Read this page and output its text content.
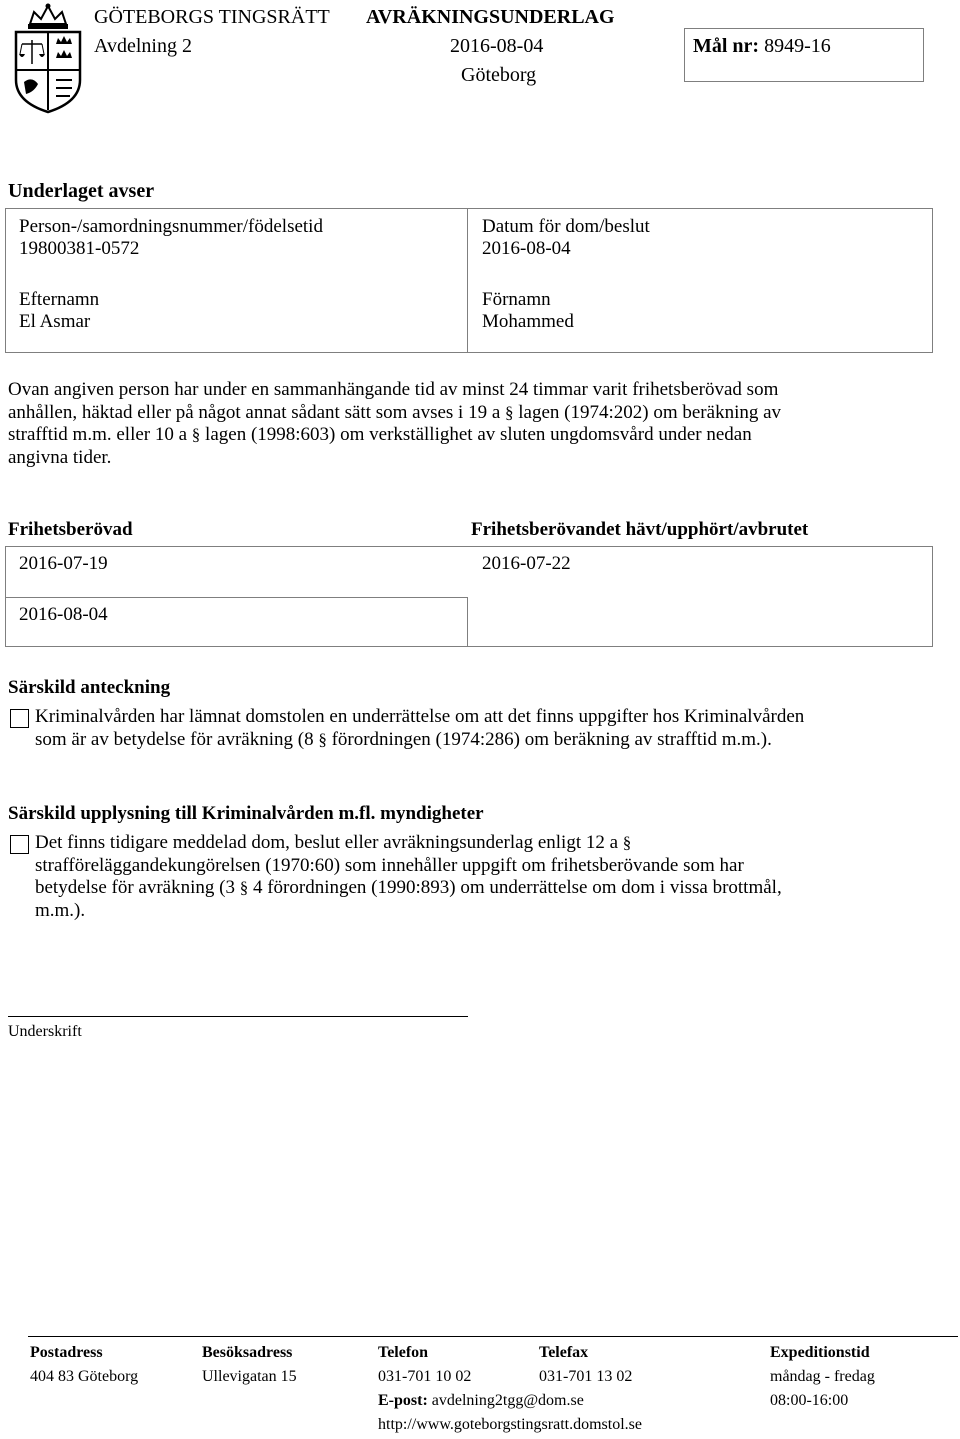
GÖTEBORGS TINGSRÄTT AVRÄKNINGSUNDERLAG
Avdelning 2	2016-08-04
Göteborg
Mål nr: 8949-16
Underlaget avser
Person-/samordningsnummer/födelsetid
19800381-0572
Datum för dom/beslut
2016-08-04
Efternamn
El Asmar
Förnamn
Mohammed
Ovan angiven person har under en sammanhängande tid av minst 24 timmar varit frihetsberövad som
anhållen, häktad eller på något annat sådant sätt som avses i 19 a § lagen (1974:202) om beräkning av
strafftid m.m. eller 10 a § lagen (1998:603) om verkställighet av sluten ungdomsvård under nedan
angivna tider.
Frihetsberövad	Frihetsberövandet hävt/upphört/avbrutet
2016-07-19	2016-07-22
2016-08-04
Särskild anteckning
Kriminalvården har lämnat domstolen en underrättelse om att det finns uppgifter hos Kriminalvården
som är av betydelse för avräkning (8 § förordningen (1974:286) om beräkning av strafftid m.m.).
Särskild upplysning till Kriminalvården m.fl. myndigheter
Det finns tidigare meddelad dom, beslut eller avräkningsunderlag enligt 12 a §
strafföreläggandekungörelsen (1970:60) som innehåller uppgift om frihetsberövande som har
betydelse för avräkning (3 § 4 förordningen (1990:893) om underrättelse om dom i vissa brottmål,
m.m.).
Underskrift
Postadress
404 83 Göteborg
Besöksadress
Ullevigatan 15
Telefon
031-701 10 02
E-post: avdelning2tgg@dom.se
http://www.goteborgstingsratt.domstol.se
Telefax
031-701 13 02
Expeditionstid
måndag - fredag
08:00-16:00
